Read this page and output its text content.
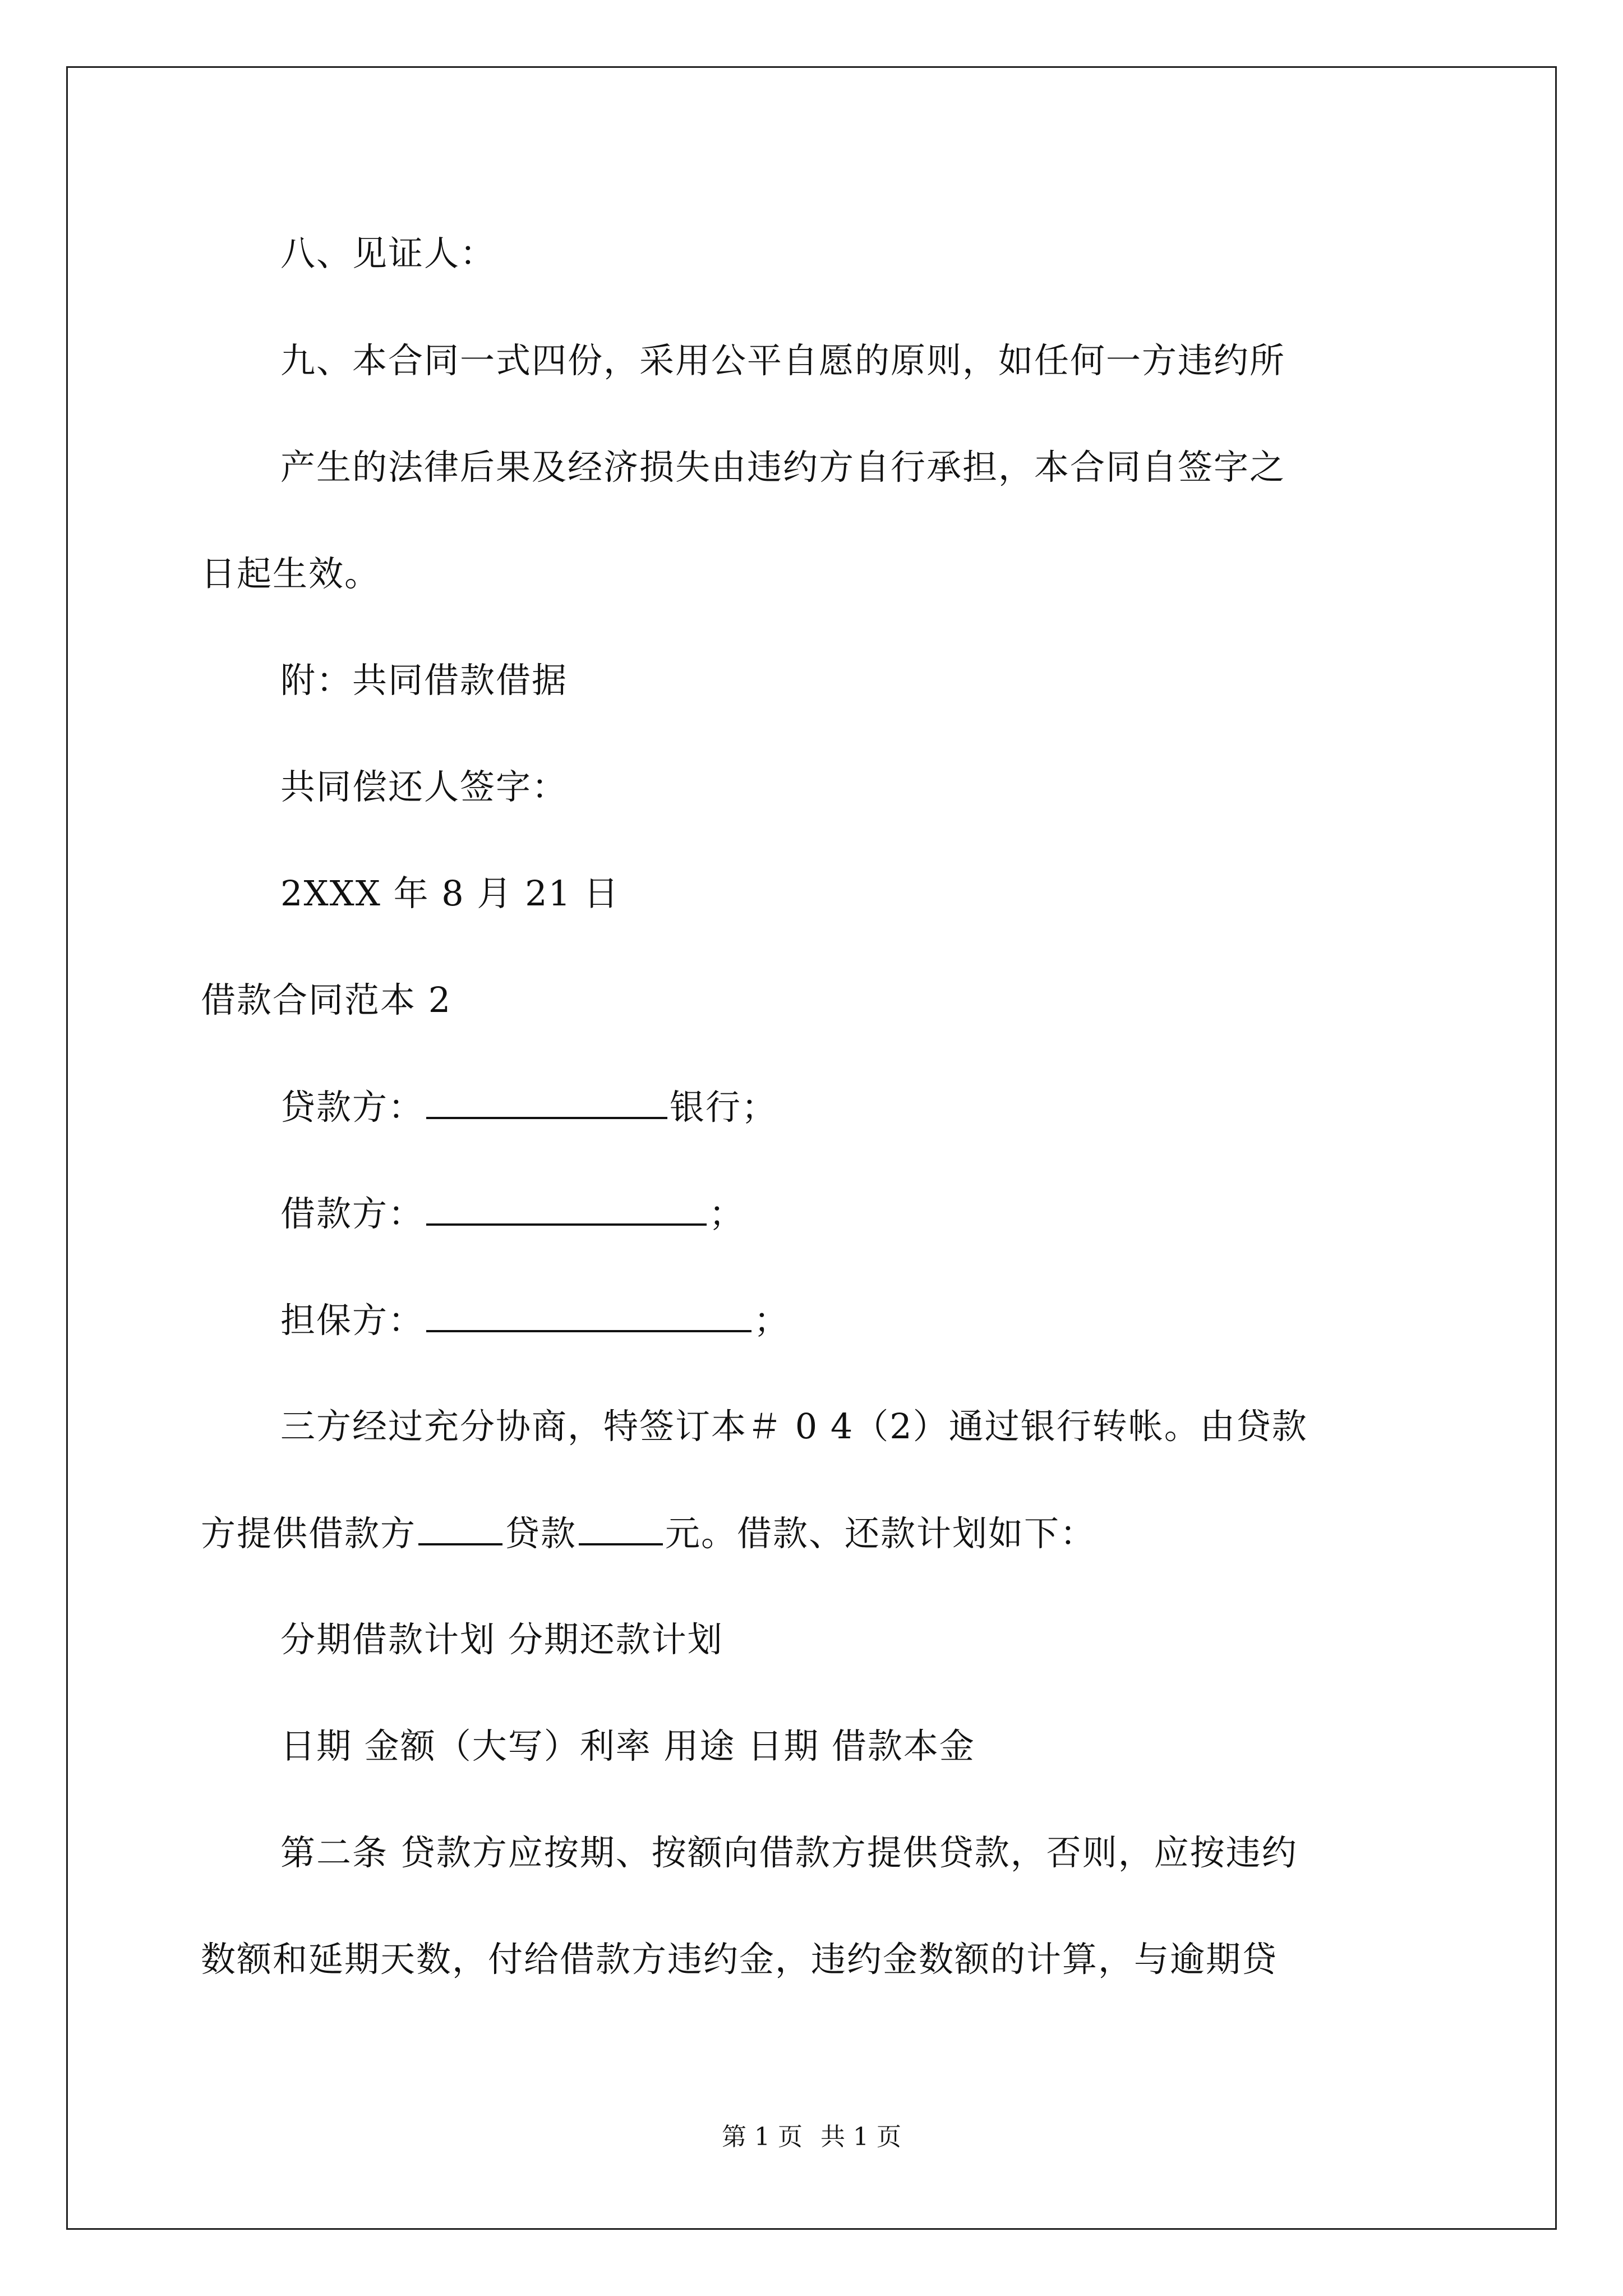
八、见证人：
九、本合同一式四份，采用公平自愿的原则，如任何一方违约所
产生的法律后果及经济损失由违约方自行承担，本合同自签字之
日起生效。
附：共同借款借据
共同偿还人签字：
2XXX 年 8 月 21 日
借款合同范本 2
贷款方：	银行；
借款方：	；
担保方：	；
三方经过充分协商，特签订本＃ 0 4（2）通过银行转帐。由贷款
方提供借款方	贷款	元。借款、还款计划如下：
分期借款计划 分期还款计划
日期 金额（大写）利率 用途 日期 借款本金
第二条 贷款方应按期、按额向借款方提供贷款，否则，应按违约
数额和延期天数，付给借款方违约金，违约金数额的计算，与逾期贷
第 1 页 共 1 页
